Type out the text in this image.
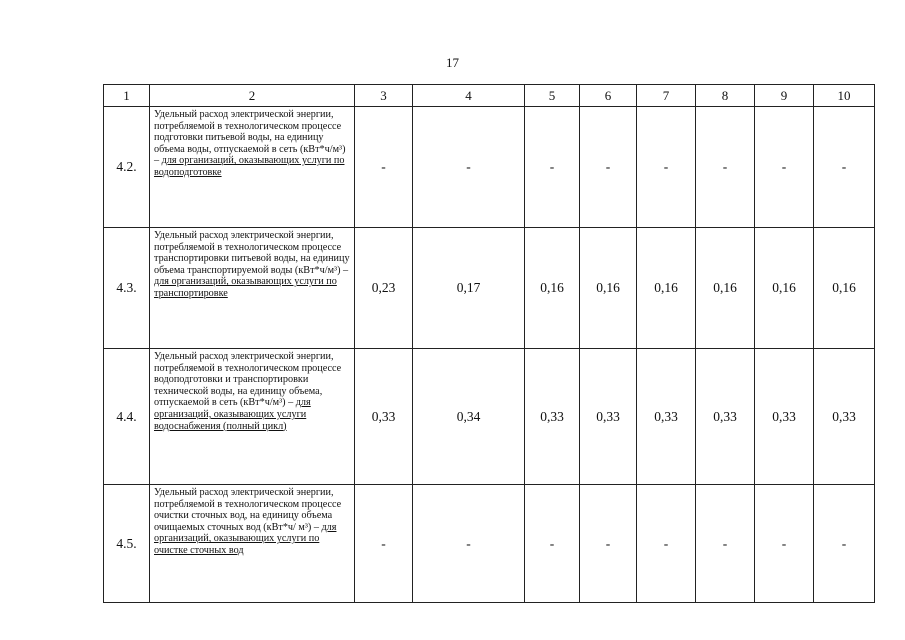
17
1	2	3	4	5	6	7	8	9	10
4.2.	Удельный расход электрической энергии, потребляемой в технологическом процессе подготовки питьевой воды, на единицу объема воды, отпускаемой в сеть (кВт*ч/м³) – для организаций, оказывающих услуги по водоподготовке	-	-	-	-	-	-	-	-
4.3.	Удельный расход электрической энергии, потребляемой в технологическом процессе транспортировки питьевой воды, на единицу объема транспортируемой воды (кВт*ч/м³) – для организаций, оказывающих услуги по транспортировке	0,23	0,17	0,16	0,16	0,16	0,16	0,16	0,16
4.4.	Удельный расход электрической энергии, потребляемой в технологическом процессе водоподготовки и транспортировки технической воды, на единицу объема, отпускаемой в сеть (кВт*ч/м³) – для организаций, оказывающих услуги водоснабжения (полный цикл)	0,33	0,34	0,33	0,33	0,33	0,33	0,33	0,33
4.5.	Удельный расход электрической энергии, потребляемой в технологическом процессе очистки сточных вод, на единицу объема очищаемых сточных вод (кВт*ч/ м³) – для организаций, оказывающих услуги по очистке сточных вод	-	-	-	-	-	-	-	-
